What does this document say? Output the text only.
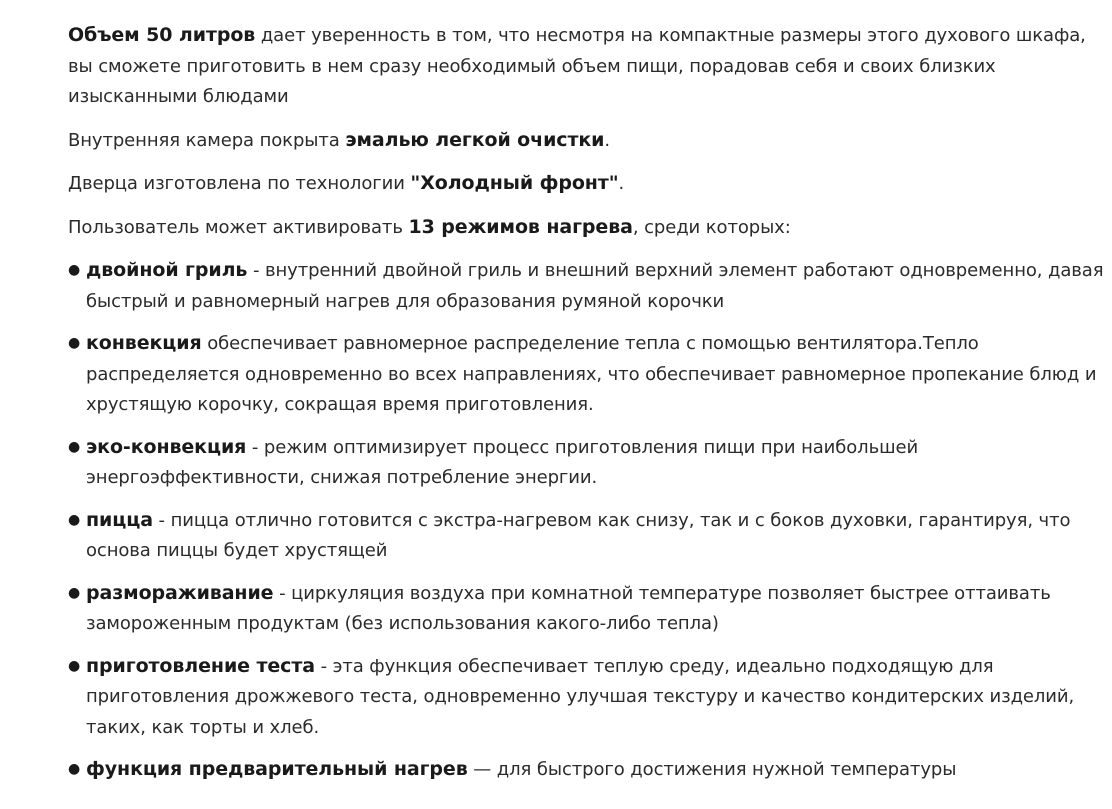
Объем 50 литров дает уверенность в том, что несмотря на компактные размеры этого духового шкафа, вы сможете приготовить в нем сразу необходимый объем пищи, порадовав себя и своих близких изысканными блюдами

Внутренняя камера покрыта эмалью легкой очистки.

Дверца изготовлена по технологии "Холодный фронт".

Пользователь может активировать 13 режимов нагрева, среди которых:

● двойной гриль - внутренний двойной гриль и внешний верхний элемент работают одновременно, давая быстрый и равномерный нагрев для образования румяной корочки
● конвекция обеспечивает равномерное распределение тепла с помощью вентилятора.Тепло распределяется одновременно во всех направлениях, что обеспечивает равномерное пропекание блюд и хрустящую корочку, сокращая время приготовления.
● эко-конвекция - режим оптимизирует процесс приготовления пищи при наибольшей энергоэффективности, снижая потребление энергии.
● пицца - пицца отлично готовится с экстра-нагревом как снизу, так и с боков духовки, гарантируя, что основа пиццы будет хрустящей
● размораживание - циркуляция воздуха при комнатной температуре позволяет быстрее оттаивать замороженным продуктам (без использования какого-либо тепла)
● приготовление теста - эта функция обеспечивает теплую среду, идеально подходящую для приготовления дрожжевого теста, одновременно улучшая текстуру и качество кондитерских изделий, таких, как торты и хлеб.
● функция предварительный нагрев — для быстрого достижения нужной температуры
